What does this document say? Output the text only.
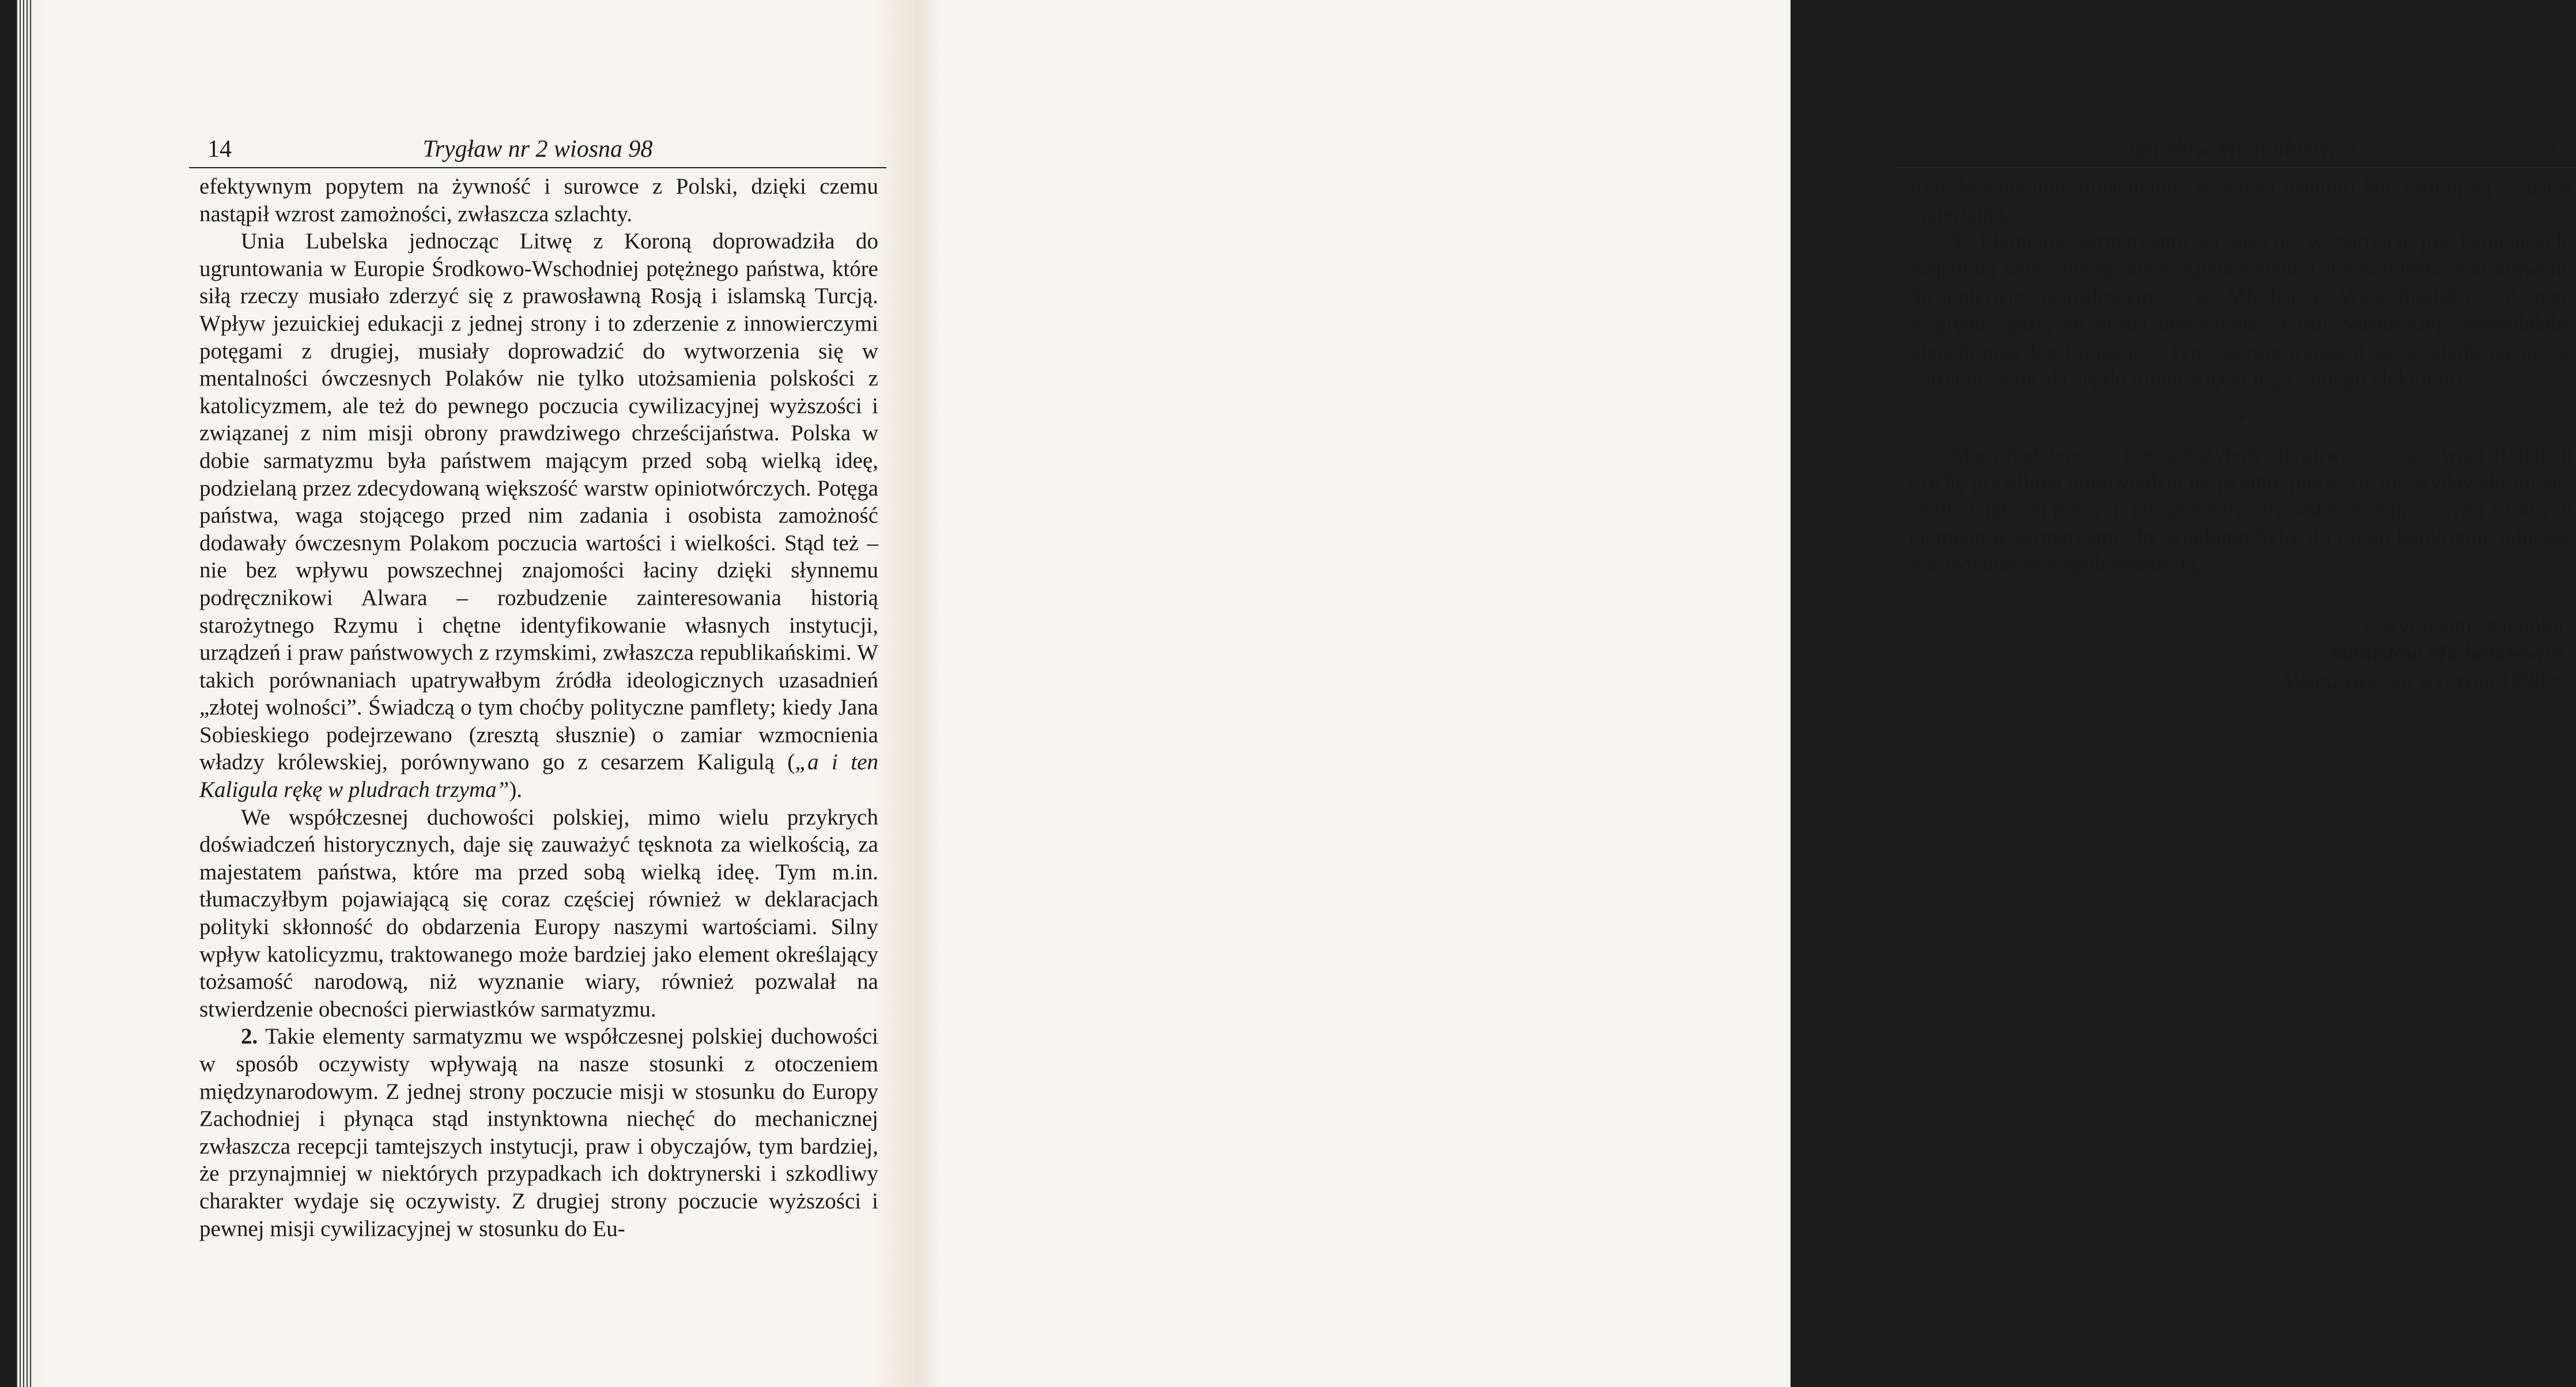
14	Trygław nr 2 wiosna 98

efektywnym popytem na żywność i surowce z Polski, dzięki czemu nastąpił wzrost zamożności, zwłaszcza szlachty.

Unia Lubelska jednocząc Litwę z Koroną doprowadziła do ugruntowania w Europie Środkowo-Wschodniej potężnego państwa, które siłą rzeczy musiało zderzyć się z prawosławną Rosją i islamską Turcją. Wpływ jezuickiej edukacji z jednej strony i to zderzenie z innowierczymi potęgami z drugiej, musiały doprowadzić do wytworzenia się w mentalności ówczesnych Polaków nie tylko utożsamienia polskości z katolicyzmem, ale też do pewnego poczucia cywilizacyjnej wyższości i związanej z nim misji obrony prawdziwego chrześcijaństwa. Polska w dobie sarmatyzmu była państwem mającym przed sobą wielką ideę, podzielaną przez zdecydowaną większość warstw opiniotwórczych. Potęga państwa, waga stojącego przed nim zadania i osobista zamożność dodawały ówczesnym Polakom poczucia wartości i wielkości. Stąd też – nie bez wpływu powszechnej znajomości łaciny dzięki słynnemu podręcznikowi Alwara – rozbudzenie zainteresowania historią starożytnego Rzymu i chętne identyfikowanie własnych instytucji, urządzeń i praw państwowych z rzymskimi, zwłaszcza republikańskimi. W takich porównaniach upatrywałbym źródła ideologicznych uzasadnień „złotej wolności”. Świadczą o tym choćby polityczne pamflety; kiedy Jana Sobieskiego podejrzewano (zresztą słusznie) o zamiar wzmocnienia władzy królewskiej, porównywano go z cesarzem Kaligulą („a i ten Kaligula rękę w pludrach trzyma”).

We współczesnej duchowości polskiej, mimo wielu przykrych doświadczeń historycznych, daje się zauważyć tęsknota za wielkością, za majestatem państwa, które ma przed sobą wielką ideę. Tym m.in. tłumaczyłbym pojawiającą się coraz częściej również w deklaracjach polityki skłonność do obdarzenia Europy naszymi wartościami. Silny wpływ katolicyzmu, traktowanego może bardziej jako element określający tożsamość narodową, niż wyznanie wiary, również pozwalał na stwierdzenie obecności pierwiastków sarmatyzmu.

2. Takie elementy sarmatyzmu we współczesnej polskiej duchowości w sposób oczywisty wpływają na nasze stosunki z otoczeniem międzynarodowym. Z jednej strony poczucie misji w stosunku do Europy Zachodniej i płynąca stąd instynktowna niechęć do mechanicznej zwłaszcza recepcji tamtejszych instytucji, praw i obyczajów, tym bardziej, że przynajmniej w niektórych przypadkach ich doktrynerski i szkodliwy charakter wydaje się oczywisty. Z drugiej strony poczucie wyższości i pewnej misji cywilizacyjnej w stosunku do Eu-

Stanisław Michalkiewicz	15

ropy Wschodniej, umacniane zwłaszcza ostatnio korzystniejszą sytuacją materialną.

3. Elementy sarmatyzmu są obecne w partiach już istniejących. Najsilniej widoczne są one w Zjednoczeniu Chrześcijańsko-Narodowym, Stronnictwie Narodowym i w Młodzieży Wszechpolskiej. Z tego względu sądzę, że próba utworzenia „Partii Sarmackiej” wywołałaby nieuchronną konfrontację z tymi ugrupowaniami ze względu na to, że partia ta zwracała się do mniej więcej tego samego elektoratu.

*

Mam nadzieję, że nie nadużyłem cierpliwości Szanownej Redakcji trochę przydługą odpowiedzią na pytanie pierwsze, ale wydawało mi się, że dla większej precyzji pożądane byłoby wskazanie przyczyn i istotnych elementów sarmatyzmu, by wiadomo było, do czego konkretnie odnoszę porównania ze współczesnością.

Z wyrazami szacunku
Stanisław Michalkiewicz
Warszawa, 26 stycznia 1998 r.
